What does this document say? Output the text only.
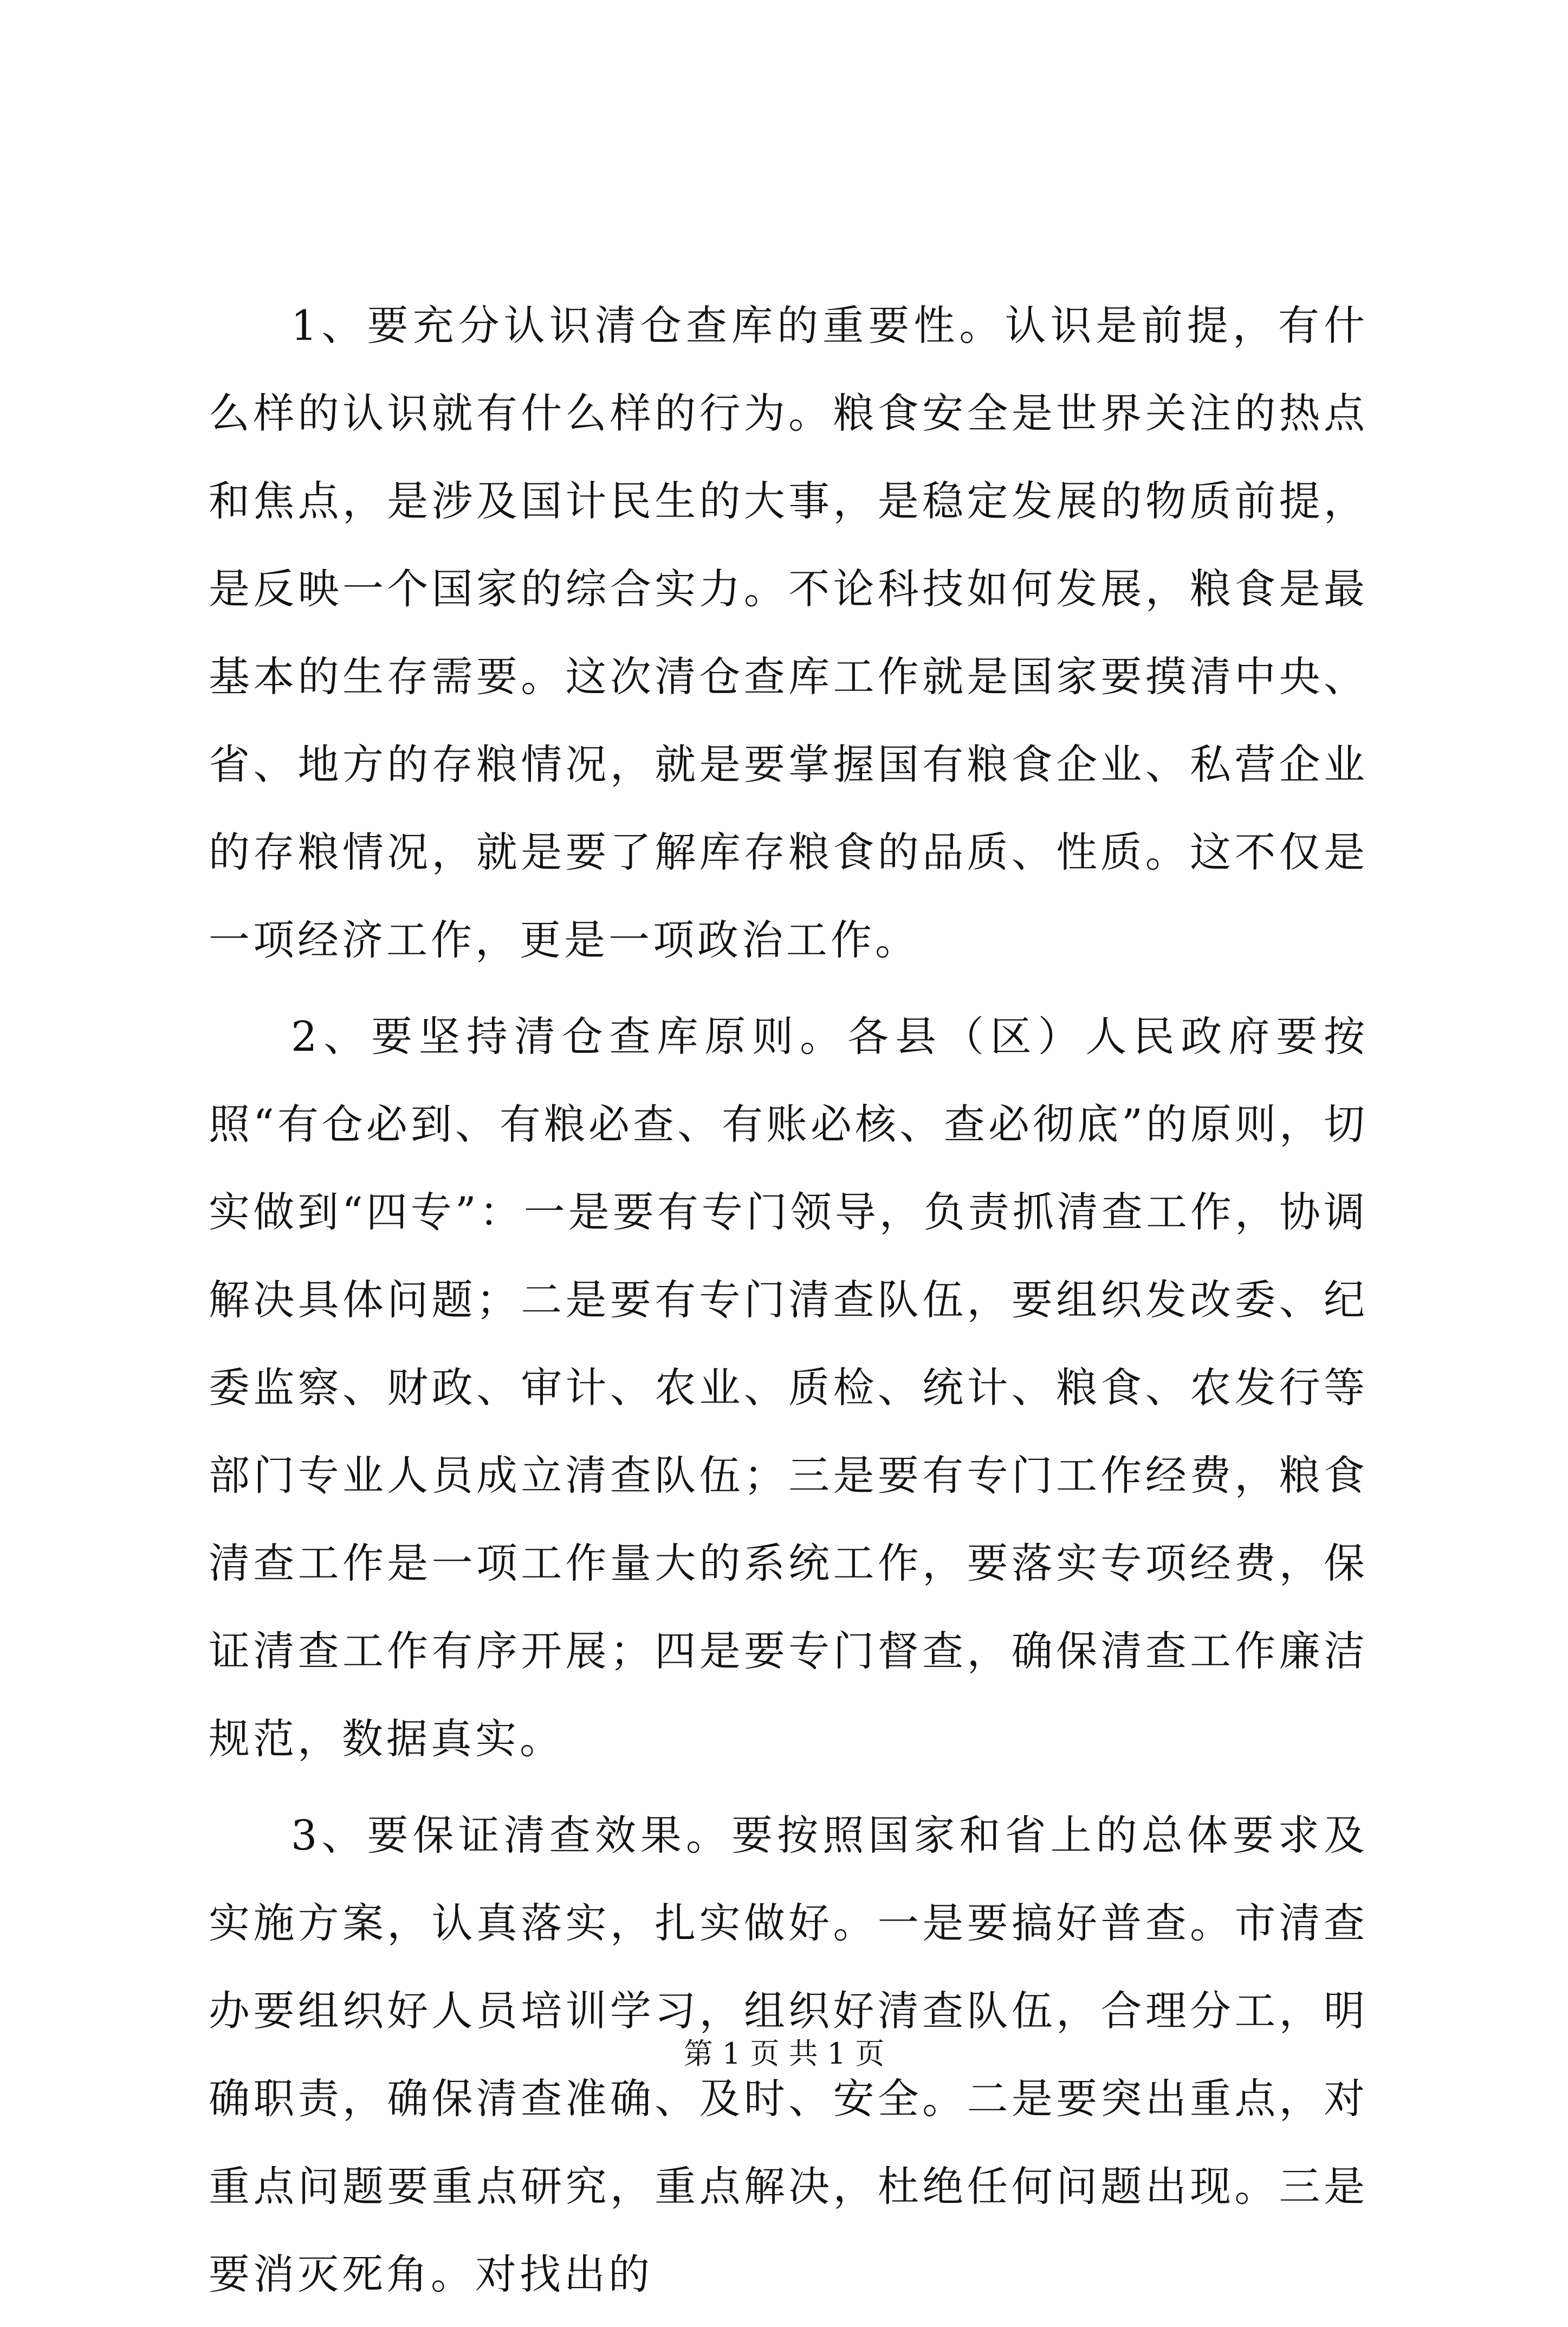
1、要充分认识清仓查库的重要性。认识是前提，有什么样的认识就有什么样的行为。粮食安全是世界关注的热点和焦点，是涉及国计民生的大事，是稳定发展的物质前提，是反映一个国家的综合实力。不论科技如何发展，粮食是最基本的生存需要。这次清仓查库工作就是国家要摸清中央、省、地方的存粮情况，就是要掌握国有粮食企业、私营企业的存粮情况，就是要了解库存粮食的品质、性质。这不仅是一项经济工作，更是一项政治工作。

2、要坚持清仓查库原则。各县（区）人民政府要按照“有仓必到、有粮必查、有账必核、查必彻底”的原则，切实做到“四专”：一是要有专门领导，负责抓清查工作，协调解决具体问题；二是要有专门清查队伍，要组织发改委、纪委监察、财政、审计、农业、质检、统计、粮食、农发行等部门专业人员成立清查队伍；三是要有专门工作经费，粮食清查工作是一项工作量大的系统工作，要落实专项经费，保证清查工作有序开展；四是要专门督查，确保清查工作廉洁规范，数据真实。

3、要保证清查效果。要按照国家和省上的总体要求及实施方案，认真落实，扎实做好。一是要搞好普查。市清查办要组织好人员培训学习，组织好清查队伍，合理分工，明确职责，确保清查准确、及时、安全。二是要突出重点，对重点问题要重点研究，重点解决，杜绝任何问题出现。三是要消灭死角。对找出的

第 1 页 共 1 页
